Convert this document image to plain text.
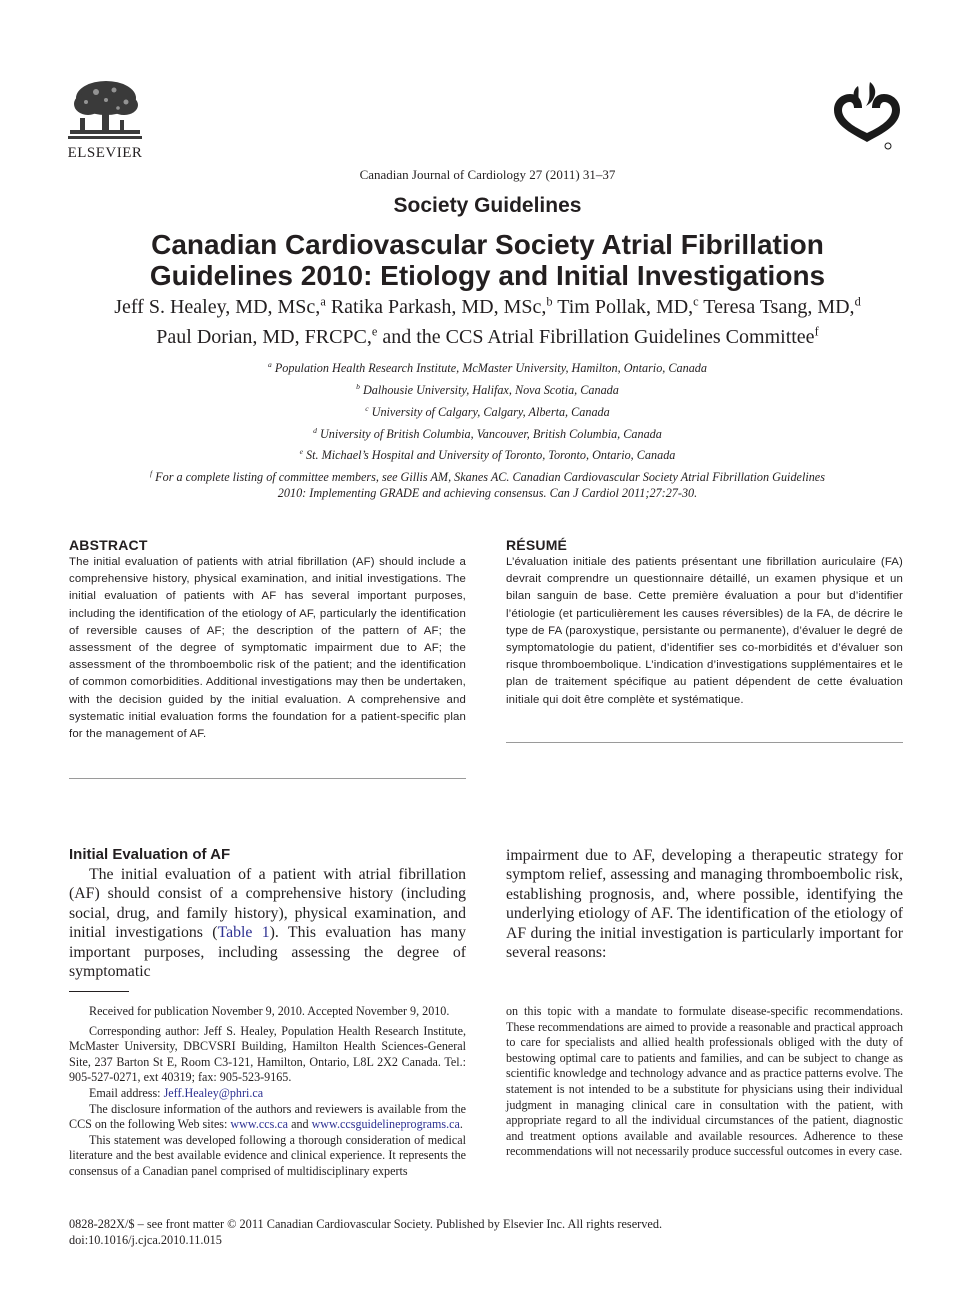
ELSEVIER
Canadian Journal of Cardiology 27 (2011) 31–37
Society Guidelines
Canadian Cardiovascular Society Atrial Fibrillation
Guidelines 2010: Etiology and Initial Investigations
Jeff S. Healey, MD, MSc,$^a$ Ratika Parkash, MD, MSc,$^b$ Tim Pollak, MD,$^c$ Teresa Tsang, MD,$^d$
Paul Dorian, MD, FRCPC,$^e$ and the CCS Atrial Fibrillation Guidelines Committee$^f$
$^a$ Population Health Research Institute, McMaster University, Hamilton, Ontario, Canada
$^b$ Dalhousie University, Halifax, Nova Scotia, Canada
$^c$ University of Calgary, Calgary, Alberta, Canada
$^d$ University of British Columbia, Vancouver, British Columbia, Canada
$^e$ St. Michael’s Hospital and University of Toronto, Toronto, Ontario, Canada
$^f$ For a complete listing of committee members, see Gillis AM, Skanes AC. Canadian Cardiovascular Society Atrial Fibrillation Guidelines
2010: Implementing GRADE and achieving consensus. Can J Cardiol 2011;27:27-30.
ABSTRACT
The initial evaluation of patients with atrial fibrillation (AF) should include a comprehensive history, physical examination, and initial investigations. The initial evaluation of patients with AF has several important purposes, including the identification of the etiology of AF, particularly the identification of reversible causes of AF; the description of the pattern of AF; the assessment of the degree of symptomatic impairment due to AF; the assessment of the thromboembolic risk of the patient; and the identification of common comorbidities. Additional investigations may then be undertaken, with the decision guided by the initial evaluation. A comprehensive and systematic initial evaluation forms the foundation for a patient-specific plan for the management of AF.
RÉSUMÉ
L’évaluation initiale des patients présentant une fibrillation auriculaire (FA) devrait comprendre un questionnaire détaillé, un examen physique et un bilan sanguin de base. Cette première évaluation a pour but d’identifier l’étiologie (et particulièrement les causes réversibles) de la FA, de décrire le type de FA (paroxystique, persistante ou permanente), d’évaluer le degré de symptomatologie du patient, d’identifier ses co-morbidités et d’évaluer son risque thromboembolique. L’indication d’investigations supplémentaires et le plan de traitement spécifique au patient dépendent de cette évaluation initiale qui doit être complète et systématique.
Initial Evaluation of AF
The initial evaluation of a patient with atrial fibrillation (AF) should consist of a comprehensive history (including social, drug, and family history), physical examination, and initial investigations (Table 1). This evaluation has many important purposes, including assessing the degree of symptomatic
impairment due to AF, developing a therapeutic strategy for symptom relief, assessing and managing thromboembolic risk, establishing prognosis, and, where possible, identifying the underlying etiology of AF. The identification of the etiology of AF during the initial investigation is particularly important for several reasons:

Received for publication November 9, 2010. Accepted November 9, 2010.

Corresponding author: Jeff S. Healey, Population Health Research Institute, McMaster University, DBCVSRI Building, Hamilton Health Sciences-General Site, 237 Barton St E, Room C3-121, Hamilton, Ontario, L8L 2X2 Canada. Tel.: 905-527-0271, ext 40319; fax: 905-523-9165.

Email address: Jeff.Healey@phri.ca

The disclosure information of the authors and reviewers is available from the CCS on the following Web sites: www.ccs.ca and www.ccsguidelineprograms.ca.

This statement was developed following a thorough consideration of medical literature and the best available evidence and clinical experience. It represents the consensus of a Canadian panel comprised of multidisciplinary experts

on this topic with a mandate to formulate disease-specific recommendations. These recommendations are aimed to provide a reasonable and practical approach to care for specialists and allied health professionals obliged with the duty of bestowing optimal care to patients and families, and can be subject to change as scientific knowledge and technology advance and as practice patterns evolve. The statement is not intended to be a substitute for physicians using their individual judgment in managing clinical care in consultation with the patient, with appropriate regard to all the individual circumstances of the patient, diagnostic and treatment options available and available resources. Adherence to these recommendations will not necessarily produce successful outcomes in every case.
0828-282X/$ – see front matter © 2011 Canadian Cardiovascular Society. Published by Elsevier Inc. All rights reserved.
doi:10.1016/j.cjca.2010.11.015
